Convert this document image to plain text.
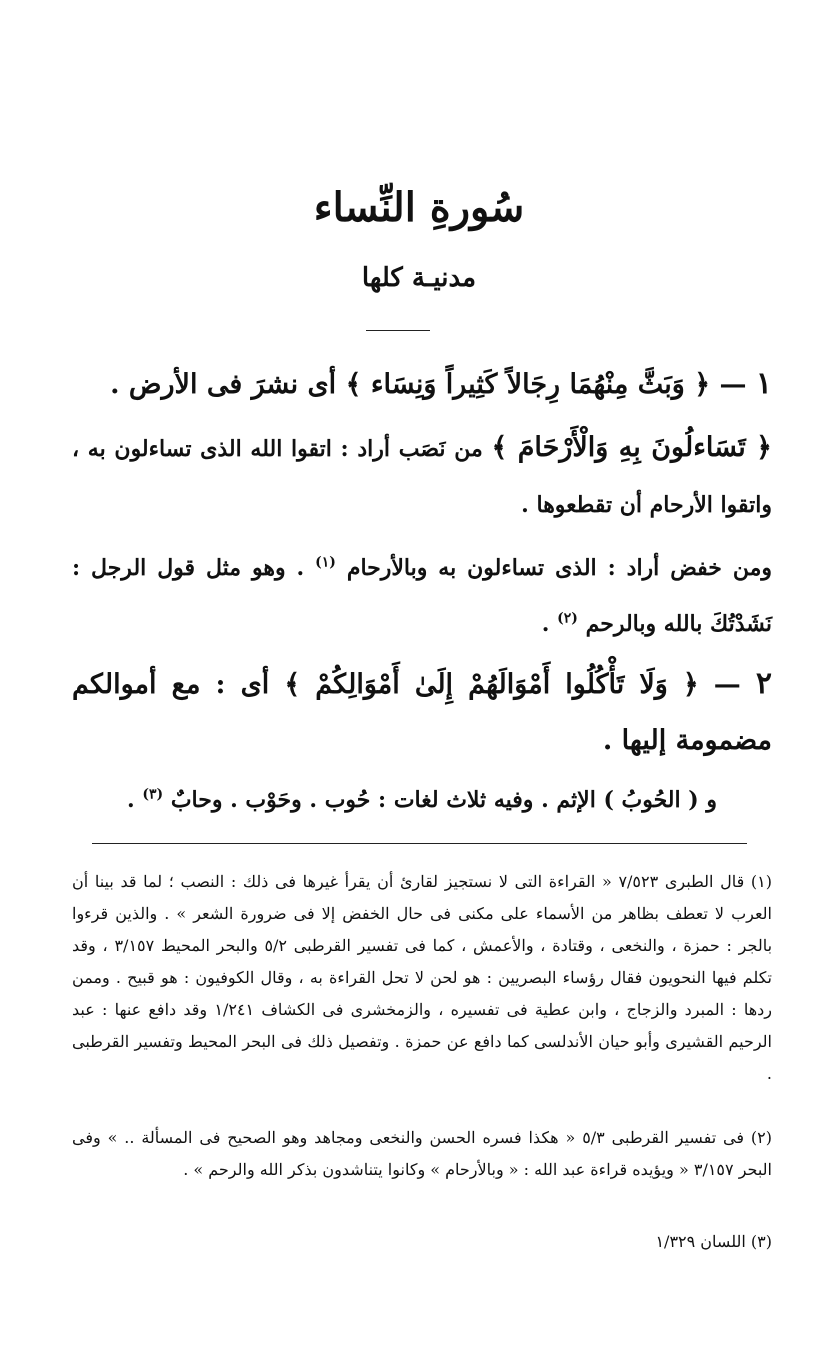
سُورةِ النِّساء
مدنيـة كلها

١ — ﴿ وَبَثَّ مِنْهُمَا رِجَالاً كَثِيراً وَنِسَاء ﴾ أى نشرَ فى الأرض .

﴿ تَسَاءلُونَ بِهِ وَالْأَرْحَامَ ﴾ من نَصَب أراد : اتقوا الله الذى تساءلون به ، واتقوا الأرحام أن تقطعوها .

ومن خفض أراد : الذى تساءلون به وبالأرحام $^{(١)}$ . وهو مثل قول الرجل : نَشَدْتُكَ بالله وبالرحم $^{(٢)}$ .

٢ — ﴿ وَلَا تَأْكُلُوا أَمْوَالَهُمْ إِلَىٰ أَمْوَالِكُمْ ﴾ أى : مع أموالكم مضمومة إليها .

و ( الحُوبُ ) الإثم . وفيه ثلاث لغات : حُوب . وحَوْب . وحابٌ $^{(٣)}$ .

(١) قال الطبرى ٧/٥٢٣ « القراءة التى لا نستجيز لقارئ أن يقرأ غيرها فى ذلك : النصب ؛ لما قد بينا أن العرب لا تعطف بظاهر من الأسماء على مكنى فى حال الخفض إلا فى ضرورة الشعر » . والذين قرءوا بالجر : حمزة ، والنخعى ، وقتادة ، والأعمش ، كما فى تفسير القرطبى ٥/٢ والبحر المحيط ٣/١٥٧ ، وقد تكلم فيها النحويون فقال رؤساء البصريين : هو لحن لا تحل القراءة به ، وقال الكوفيون : هو قبيح . وممن ردها : المبرد والزجاج ، وابن عطية فى تفسيره ، والزمخشرى فى الكشاف ١/٢٤١ وقد دافع عنها : عبد الرحيم القشيرى وأبو حيان الأندلسى كما دافع عن حمزة . وتفصيل ذلك فى البحر المحيط وتفسير القرطبى .

(٢) فى تفسير القرطبى ٥/٣ « هكذا فسره الحسن والنخعى ومجاهد وهو الصحيح فى المسألة .. » وفى البحر ٣/١٥٧ « ويؤيده قراءة عبد الله : « وبالأرحام » وكانوا يتناشدون بذكر الله والرحم » .

(٣) اللسان ١/٣٢٩
